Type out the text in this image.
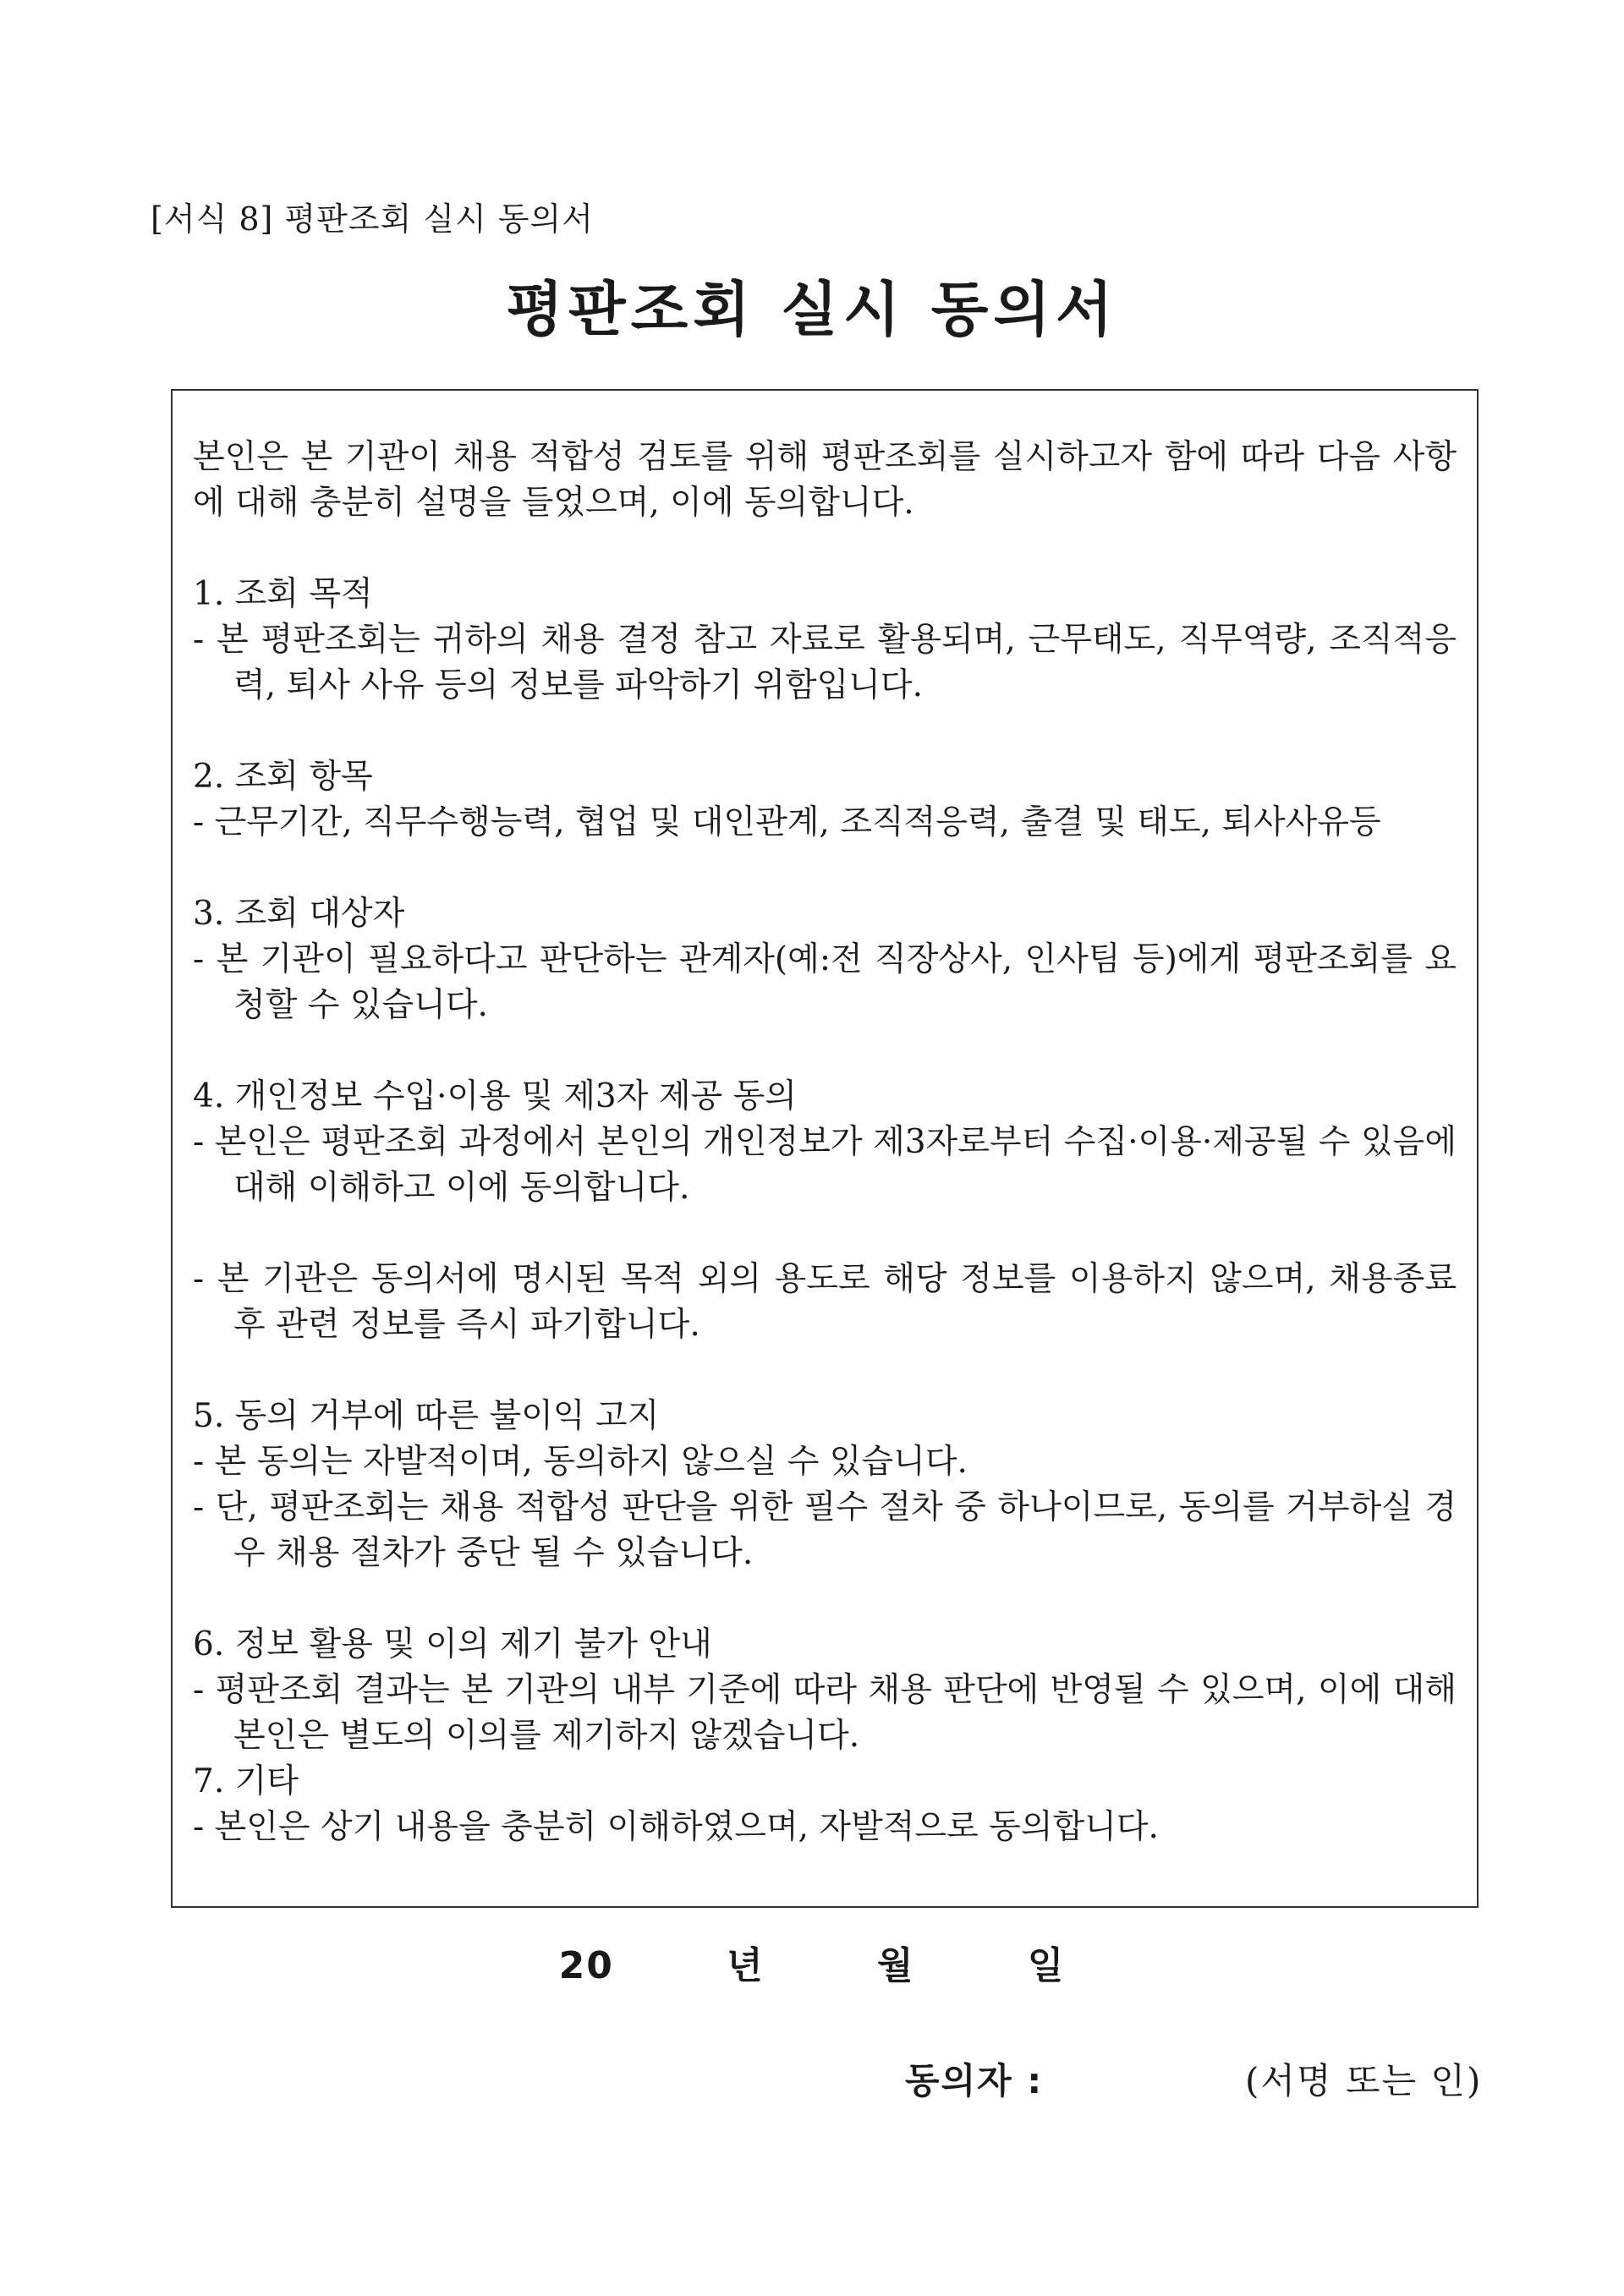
[서식 8] 평판조회 실시 동의서
평판조회 실시 동의서

본인은 본 기관이 채용 적합성 검토를 위해 평판조회를 실시하고자 함에 따라 다음 사항에 대해 충분히 설명을 들었으며, 이에 동의합니다.

1. 조회 목적
- 본 평판조회는 귀하의 채용 결정 참고 자료로 활용되며, 근무태도, 직무역량, 조직적응력, 퇴사 사유 등의 정보를 파악하기 위함입니다.
2. 조회 항목
- 근무기간, 직무수행능력, 협업 및 대인관계, 조직적응력, 출결 및 태도, 퇴사사유등
3. 조회 대상자
- 본 기관이 필요하다고 판단하는 관계자(예:전 직장상사, 인사팀 등)에게 평판조회를 요청할 수 있습니다.
4. 개인정보 수입·이용 및 제3자 제공 동의
- 본인은 평판조회 과정에서 본인의 개인정보가 제3자로부터 수집·이용·제공될 수 있음에 대해 이해하고 이에 동의합니다.
- 본 기관은 동의서에 명시된 목적 외의 용도로 해당 정보를 이용하지 않으며, 채용종료 후 관련 정보를 즉시 파기합니다.
5. 동의 거부에 따른 불이익 고지
- 본 동의는 자발적이며, 동의하지 않으실 수 있습니다.
- 단, 평판조회는 채용 적합성 판단을 위한 필수 절차 중 하나이므로, 동의를 거부하실 경우 채용 절차가 중단 될 수 있습니다.
6. 정보 활용 및 이의 제기 불가 안내
- 평판조회 결과는 본 기관의 내부 기준에 따라 채용 판단에 반영될 수 있으며, 이에 대해 본인은 별도의 이의를 제기하지 않겠습니다.
7. 기타
- 본인은 상기 내용을 충분히 이해하였으며, 자발적으로 동의합니다.
20	년	월	일
동의자 :	(서명 또는 인)
